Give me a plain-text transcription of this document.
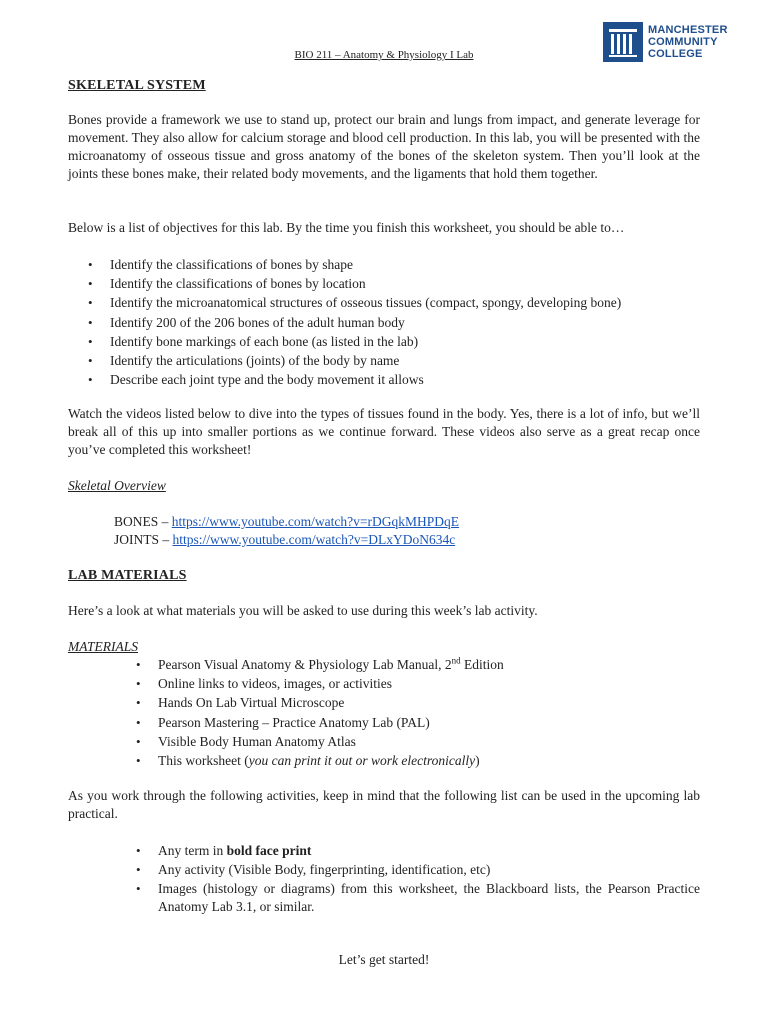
MANCHESTER
COMMUNITY
COLLEGE
BIO 211 – Anatomy & Physiology I Lab
SKELETAL SYSTEM
Bones provide a framework we use to stand up, protect our brain and lungs from impact, and generate leverage for movement. They also allow for calcium storage and blood cell production. In this lab, you will be presented with the microanatomy of osseous tissue and gross anatomy of the bones of the skeleton system. Then you’ll look at the joints these bones make, their related body movements, and the ligaments that hold them together.
Below is a list of objectives for this lab. By the time you finish this worksheet, you should be able to…
• Identify the classifications of bones by shape
• Identify the classifications of bones by location
• Identify the microanatomical structures of osseous tissues (compact, spongy, developing bone)
• Identify 200 of the 206 bones of the adult human body
• Identify bone markings of each bone (as listed in the lab)
• Identify the articulations (joints) of the body by name
• Describe each joint type and the body movement it allows
Watch the videos listed below to dive into the types of tissues found in the body. Yes, there is a lot of info, but we’ll break all of this up into smaller portions as we continue forward. These videos also serve as a great recap once you’ve completed this worksheet!
Skeletal Overview
BONES – https://www.youtube.com/watch?v=rDGqkMHPDqE
JOINTS – https://www.youtube.com/watch?v=DLxYDoN634c
LAB MATERIALS
Here’s a look at what materials you will be asked to use during this week’s lab activity.
MATERIALS
• Pearson Visual Anatomy & Physiology Lab Manual, 2nd Edition
• Online links to videos, images, or activities
• Hands On Lab Virtual Microscope
• Pearson Mastering – Practice Anatomy Lab (PAL)
• Visible Body Human Anatomy Atlas
• This worksheet (you can print it out or work electronically)
As you work through the following activities, keep in mind that the following list can be used in the upcoming lab practical.
• Any term in bold face print
• Any activity (Visible Body, fingerprinting, identification, etc)
• Images (histology or diagrams) from this worksheet, the Blackboard lists, the Pearson Practice Anatomy Lab 3.1, or similar.
Let’s get started!
